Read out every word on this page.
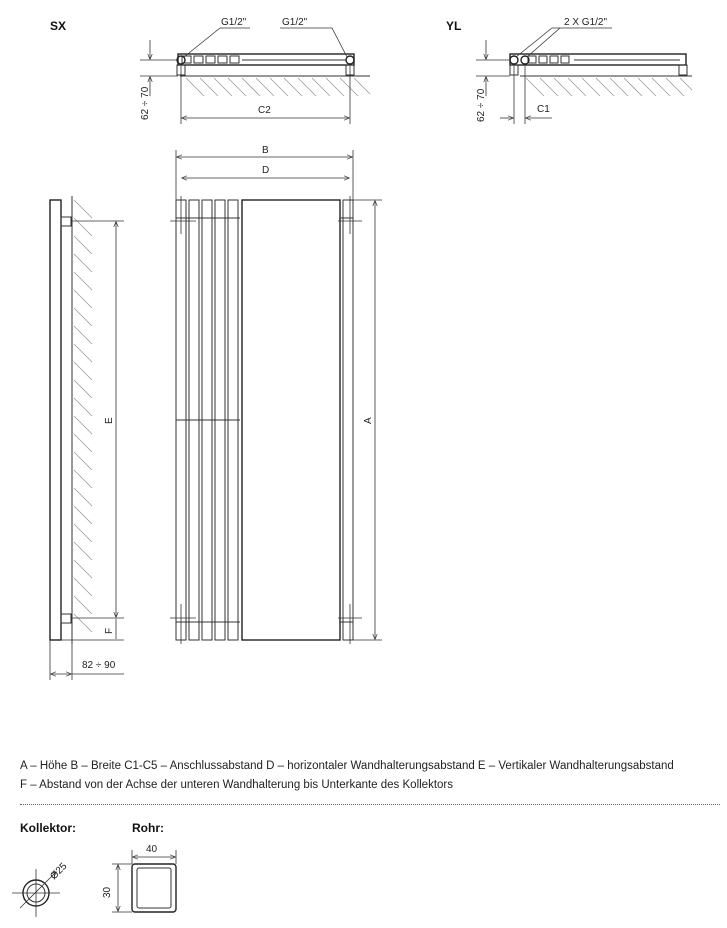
SX	G1/2"	G1/2"
62 ÷ 70	C2
YL	2 X G1/2"
62 ÷ 70	C1
E
F
82 ÷ 90
B
D
A
Kollektor:
Ø25
Rohr:
40
30
A – Höhe B – Breite C1-C5 – Anschlussabstand D – horizontaler Wandhalterungsabstand E – Vertikaler Wandhalterungsabstand
F – Abstand von der Achse der unteren Wandhalterung bis Unterkante des Kollektors
